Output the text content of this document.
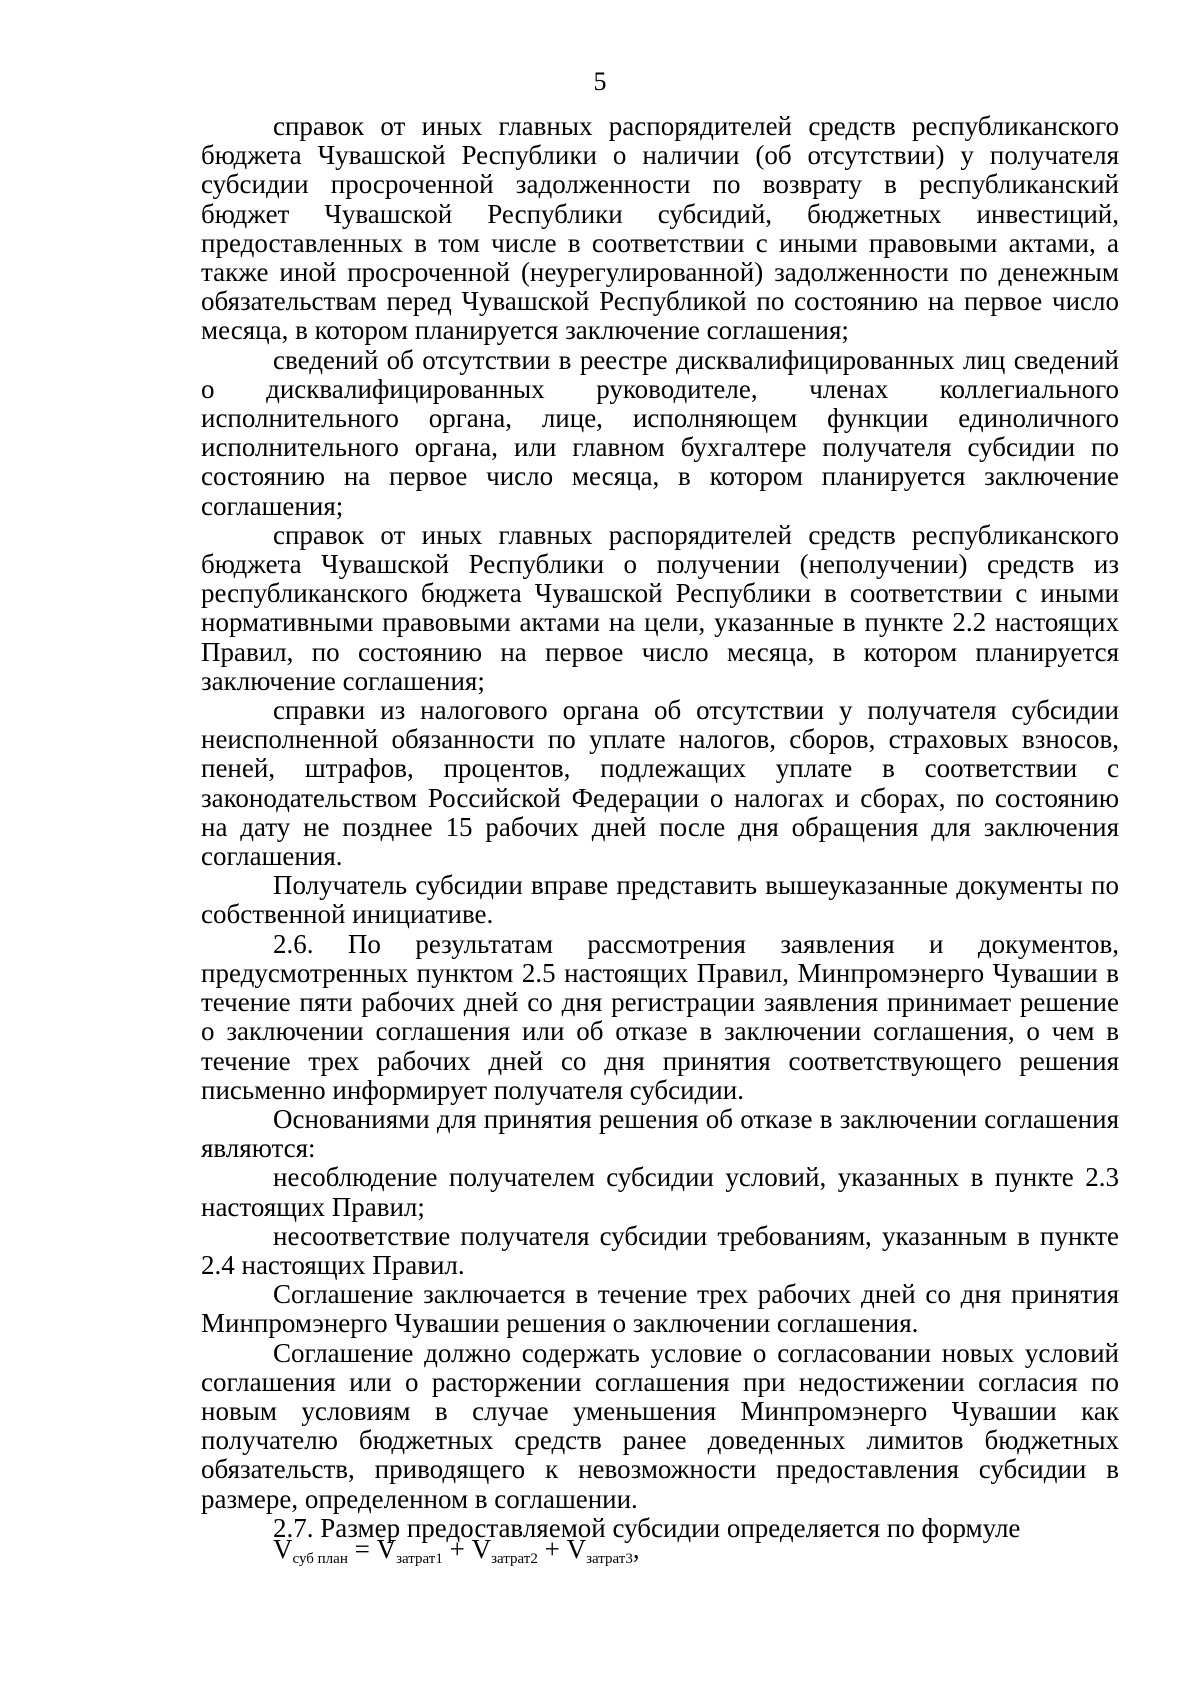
5

справок от иных главных распорядителей средств республиканского бюджета Чувашской Республики о наличии (об отсутствии) у получателя субсидии просроченной задолженности по возврату в республиканский бюджет Чувашской Республики субсидий, бюджетных инвестиций, предоставленных в том числе в соответствии с иными правовыми актами, а также иной просроченной (неурегулированной) задолженности по денежным обязательствам перед Чувашской Республикой по состоянию на первое число месяца, в котором планируется заключение соглашения;

сведений об отсутствии в реестре дисквалифицированных лиц сведений о дисквалифицированных руководителе, членах коллегиального исполнительного органа, лице, исполняющем функции единоличного исполнительного органа, или главном бухгалтере получателя субсидии по состоянию на первое число месяца, в котором планируется заключение соглашения;

справок от иных главных распорядителей средств республиканского бюджета Чувашской Республики о получении (неполучении) средств из республиканского бюджета Чувашской Республики в соответствии с иными нормативными правовыми актами на цели, указанные в пункте 2.2 настоящих Правил, по состоянию на первое число месяца, в котором планируется заключение соглашения;

справки из налогового органа об отсутствии у получателя субсидии неисполненной обязанности по уплате налогов, сборов, страховых взносов, пеней, штрафов, процентов, подлежащих уплате в соответствии с законодательством Российской Федерации о налогах и сборах, по состоянию на дату не позднее 15 рабочих дней после дня обращения для заключения соглашения.

Получатель субсидии вправе представить вышеуказанные документы по собственной инициативе.

2.6. По результатам рассмотрения заявления и документов, предусмотренных пунктом 2.5 настоящих Правил, Минпромэнерго Чувашии в течение пяти рабочих дней со дня регистрации заявления принимает решение о заключении соглашения или об отказе в заключении соглашения, о чем в течение трех рабочих дней со дня принятия соответствующего решения письменно информирует получателя субсидии.

Основаниями для принятия решения об отказе в заключении соглашения являются:

несоблюдение получателем субсидии условий, указанных в пункте 2.3 настоящих Правил;

несоответствие получателя субсидии требованиям, указанным в пункте 2.4 настоящих Правил.

Соглашение заключается в течение трех рабочих дней со дня принятия Минпромэнерго Чувашии решения о заключении соглашения.

Соглашение должно содержать условие о согласовании новых условий соглашения или о расторжении соглашения при недостижении согласия по новым условиям в случае уменьшения Минпромэнерго Чувашии как получателю бюджетных средств ранее доведенных лимитов бюджетных обязательств, приводящего к невозможности предоставления субсидии в размере, определенном в соглашении.

2.7. Размер предоставляемой субсидии определяется по формуле

$V_{суб план} = V_{затрат1} + V_{затрат2} + V_{затрат3}$,
